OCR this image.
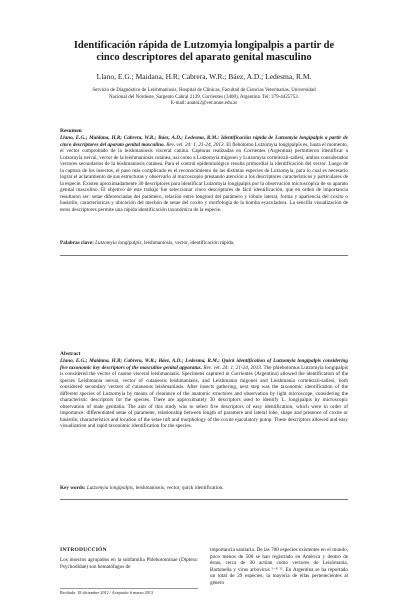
Identificación rápida de Lutzomyia longipalpis a partir de
cinco descriptores del aparato genital masculino
Llano, E.G.; Maidana, H.R; Cabrera, W.R.; Báez, A.D.; Ledesma, R.M.
Servicio de Diagnóstico de Leishmaniosis, Hospital de Clínicas, Facultad de Ciencias Veterinarias, Universidad
Nacional del Nordeste, Sargento Cabral 2139, Corrientes (3400), Argentina. Tel: 379-4425753.
E-mail: anatoi2@vet.unne.edu.ar
Resumen

Llano, E.G.; Maidana, H.R; Cabrera, W.R.; Báez, A.D.; Ledesma, R.M.: Identificación rápida de Lutzomyia longipalpis a partir de cinco descriptores del aparato genital masculino. Rev. vet. 24: 1, 21-24, 2013. El flebótomo Lutzomyia longipalpis es, hasta el momento, el vector comprobado de la leishmaniosis visceral canina. Capturas realizadas en Corrientes (Argentina) permitieron identificar a Lutzomyia neivai, vector de la leishmaniosis cutánea, así como a Lutzomyia migonei y Lutzomyia cortelezzii-sallesi, ambos considerados vectores secundarios de la leishmaniosis cutánea. Para el control epidemiológico resulta primordial la identificación del vector. Luego de la captura de los insectos, el paso más complicado es el reconocimiento de las distintas especies de Lutzomyia, para lo cual es necesario lograr el aclaramiento de sus estructuras y observarlo al microscopio prestando atención a los descriptores característicos y particulares de la especie. Existen aproximadamente 30 descriptores para identificar Lutzomyia longipalpis por la observación microscópica de su aparato genital masculino. El objetivo de este trabajo fue seleccionar cinco descriptores de fácil identificación, que en orden de importancia resultaron ser: setae diferenciadas del parámero, relación entre longitud del parámero y lóbulo lateral, forma y apariencia del coxito o basistilo, características y ubicación del mechón de setae del coxito y morfología de la bomba eyaculadora. La sencilla visualización de estos descriptores permite una rápida identificación taxonómica de la especie.

Palabras clave: Lutzomyia longipalpis, leishmaniosis, vector, identificación rápida.
Abstract

Llano, E.G.; Maidana, H.R; Cabrera, W.R.; Báez, A.D.; Ledesma, R.M.: Quick identification of Lutzomyia longipalpis considering five taxonomic key descriptors of the masculine genital apparatus. Rev. vet. 24: 1, 21-24, 2013. The phlebotomus Lutzomyia longipalpis is considered the vector of canine visceral leishmaniasis. Specimens captured in Corrientes (Argentina) allowed the identification of the species Leishmania neivai, vector of cutaneous leishmaniasis, and Leishmania migonei and Leishmania cortelezzii-sallesi, both considered secondary vectors of cutaneous leishmaniasis. After insects gathering, next step was the taxonomic identification of the different species of Lutzomyia by means of clearance of the anatomic structures and observation by light microscope, considering the characteristic descriptors for the species. There are approximately 30 descriptors used to identify L. longipalpis by microscopic observation of male genitalia. The aim of this study was to select five descriptors of easy identification, which were in order of importance: differentiated setae of parameter, relationship between length of paramere and lateral lobe, shape and presence of coxite or basistile, characteristics and location of the setae tuft and morphology of the coxite ejaculatory pump. These descriptors allowed and easy visualization and rapid taxonomic identification for the species.

Key words: Lutzomyia longipalpis, leishmaniosis, vector, quick identification.
INTRODUCCIÓN

Los insectos agrupados en la subfamilia Phlebotominae (Diptera: Psychodidae) son hematófagos de

importancia sanitaria. De las 700 especies existentes en el mundo, poco menos de 500 se han registrado en América y dentro de éstas, cerca de 30 actúan como vectores de Leishmania, Bartonella y virus arbovirus ¹⁻⁸ ¹². En Argentina se ha reportado un total de 29 especies, la mayoría de ellas pertenecientes al género

Recibido: 18 diciembre 2012 / Aceptado: 6 marzo 2013
